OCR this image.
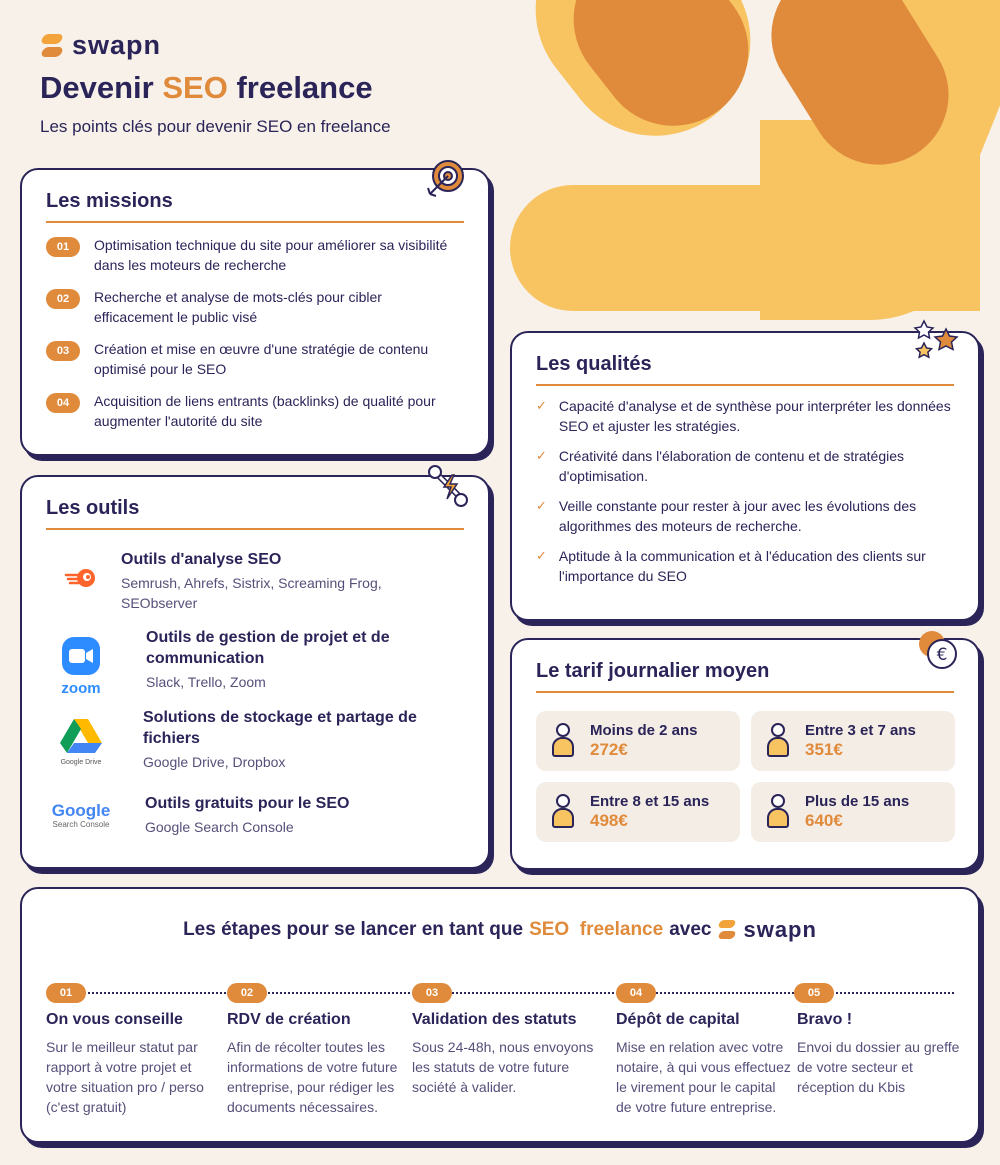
swapn
Devenir SEO freelance
Les points clés pour devenir SEO en freelance
Les missions
01	Optimisation technique du site pour améliorer sa visibilité dans les moteurs de recherche
02	Recherche et analyse de mots-clés pour cibler efficacement le public visé
03	Création et mise en œuvre d'une stratégie de contenu optimisé pour le SEO
04	Acquisition de liens entrants (backlinks) de qualité pour augmenter l'autorité du site
Les outils
Outils d'analyse SEO
Semrush, Ahrefs, Sistrix, Screaming Frog, SEObserver
zoom
Outils de gestion de projet et de communication
Slack, Trello, Zoom
Google Drive
Solutions de stockage et partage de fichiers
Google Drive, Dropbox
Google
Search Console
Outils gratuits pour le SEO
Google Search Console
Les qualités
✓ Capacité d'analyse et de synthèse pour interpréter les données SEO et ajuster les stratégies.
✓ Créativité dans l'élaboration de contenu et de stratégies d'optimisation.
✓ Veille constante pour rester à jour avec les évolutions des algorithmes des moteurs de recherche.
✓ Aptitude à la communication et à l'éducation des clients sur l'importance du SEO
€
Le tarif journalier moyen
Moins de 2 ans
272€
Entre 3 et 7 ans
351€
Entre 8 et 15 ans
498€
Plus de 15 ans
640€
Les étapes pour se lancer en tant que SEO  freelance avec swapn
01	02	03	04	05
On vous conseille
Sur le meilleur statut par rapport à votre projet et votre situation pro / perso (c'est gratuit)
RDV de création
Afin de récolter toutes les informations de votre future entreprise, pour rédiger les documents nécessaires.
Validation des statuts
Sous 24-48h, nous envoyons les statuts de votre future société à valider.
Dépôt de capital
Mise en relation avec votre notaire, à qui vous effectuez le virement pour le capital de votre future entreprise.
Bravo !
Envoi du dossier au greffe de votre secteur et réception du Kbis
